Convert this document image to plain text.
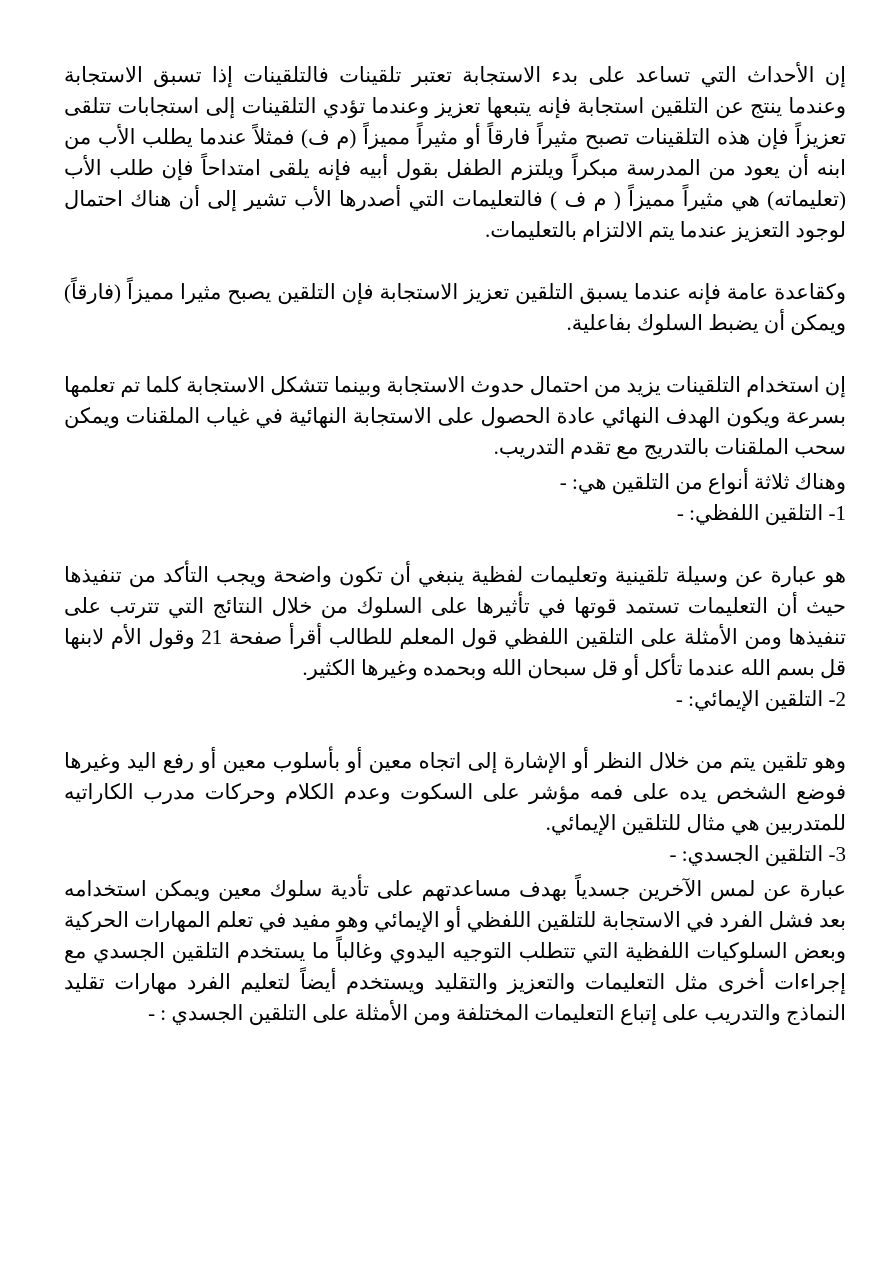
إن الأحداث التي تساعد على بدء الاستجابة تعتبر تلقينات فالتلقينات إذا تسبق الاستجابة وعندما ينتج عن التلقين استجابة فإنه يتبعها تعزيز وعندما تؤدي التلقينات إلى استجابات تتلقى تعزيزاً فإن هذه التلقينات تصبح مثيراً فارقاً أو مثيراً مميزاً (م ف) فمثلاً عندما يطلب الأب من ابنه أن يعود من المدرسة مبكراً ويلتزم الطفل بقول أبيه فإنه يلقى امتداحاً فإن طلب الأب (تعليماته) هي مثيراً مميزاً ( م ف ) فالتعليمات التي أصدرها الأب تشير إلى أن هناك احتمال لوجود التعزيز عندما يتم الالتزام بالتعليمات.

وكقاعدة عامة فإنه عندما يسبق التلقين تعزيز الاستجابة فإن التلقين يصبح مثيرا مميزاً (فارقاً) ويمكن أن يضبط السلوك بفاعلية.

إن استخدام التلقينات يزيد من احتمال حدوث الاستجابة وبينما تتشكل الاستجابة كلما تم تعلمها بسرعة ويكون الهدف النهائي عادة الحصول على الاستجابة النهائية في غياب الملقنات ويمكن سحب الملقنات بالتدريج مع تقدم التدريب.

وهناك ثلاثة أنواع من التلقين هي: -

1- التلقين اللفظي: -

هو عبارة عن وسيلة تلقينية وتعليمات لفظية ينبغي أن تكون واضحة ويجب التأكد من تنفيذها حيث أن التعليمات تستمد قوتها في تأثيرها على السلوك من خلال النتائج التي تترتب على تنفيذها ومن الأمثلة على التلقين اللفظي قول المعلم للطالب أقرأ صفحة 21 وقول الأم لابنها قل بسم الله عندما تأكل أو قل سبحان الله وبحمده وغيرها الكثير.

2- التلقين الإيمائي: -

وهو تلقين يتم من خلال النظر أو الإشارة إلى اتجاه معين أو بأسلوب معين أو رفع اليد وغيرها فوضع الشخص يده على فمه مؤشر على السكوت وعدم الكلام وحركات مدرب الكاراتيه للمتدربين هي مثال للتلقين الإيمائي.

3- التلقين الجسدي: -

عبارة عن لمس الآخرين جسدياً بهدف مساعدتهم على تأدية سلوك معين ويمكن استخدامه بعد فشل الفرد في الاستجابة للتلقين اللفظي أو الإيمائي وهو مفيد في تعلم المهارات الحركية وبعض السلوكيات اللفظية التي تتطلب التوجيه اليدوي وغالباً ما يستخدم التلقين الجسدي مع إجراءات أخرى مثل التعليمات والتعزيز والتقليد ويستخدم أيضاً لتعليم الفرد مهارات تقليد النماذج والتدريب على إتباع التعليمات المختلفة ومن الأمثلة على التلقين الجسدي : -
